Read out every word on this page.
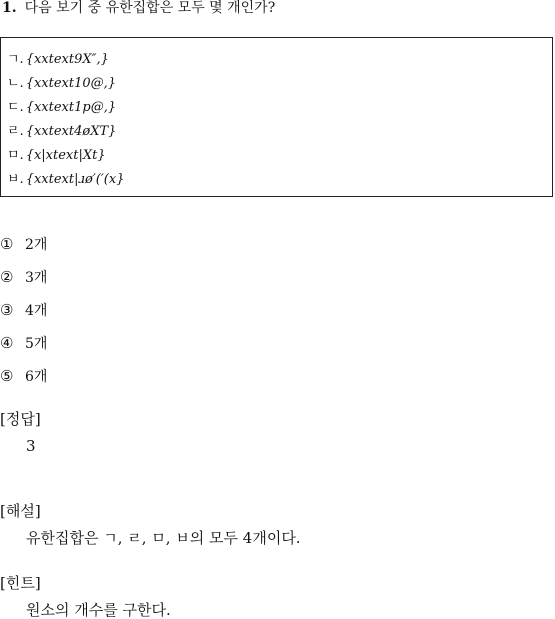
1. 다음 보기 중 유한집합은 모두 몇 개인가?
ㄱ. {xxtext9X″,}
ㄴ. {xxtext10@,}
ㄷ. {xxtext1p@,}
ㄹ. {xxtext4øXT}
ㅁ. {x|xtext|Xt}
ㅂ. {xxtext|ɹø′(′(x}
① 2개
② 3개
③ 4개
④ 5개
⑤ 6개
[정답]
3
[해설]
유한집합은 ㄱ, ㄹ, ㅁ, ㅂ의 모두 4개이다.
[힌트]
원소의 개수를 구한다.
